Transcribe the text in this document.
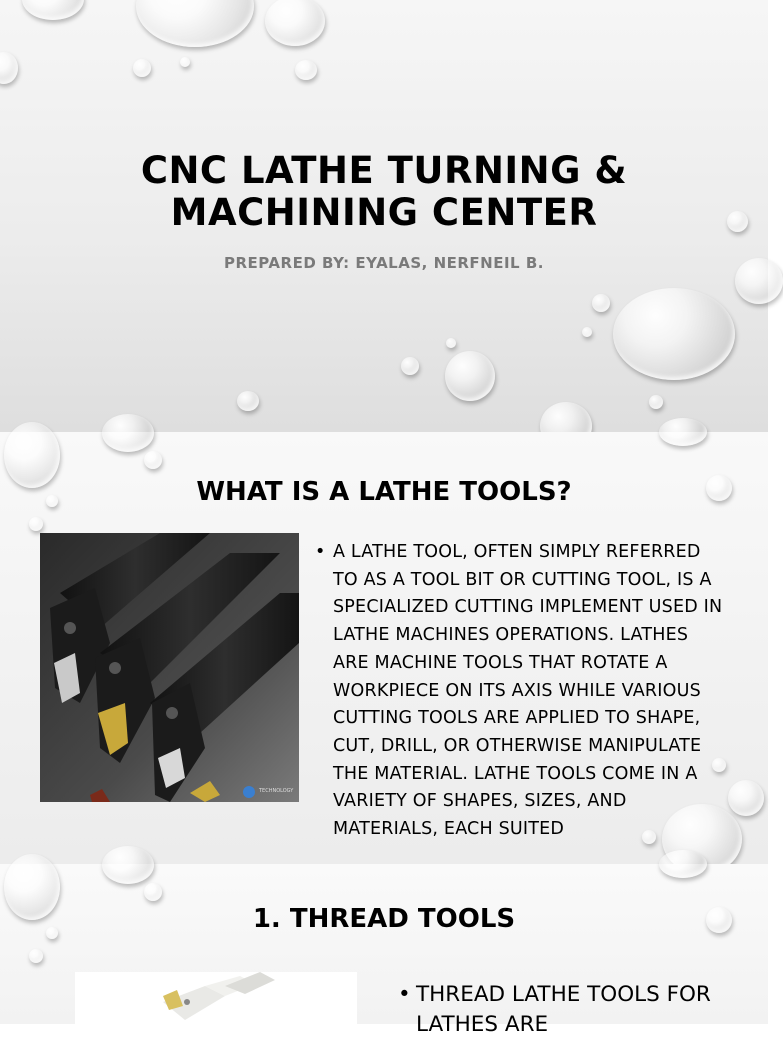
CNC LATHE TURNING &
MACHINING CENTER
PREPARED BY: EYALAS, NERFNEIL B.
WHAT IS A LATHE TOOLS?
TECHNOLOGY
• A LATHE TOOL, OFTEN SIMPLY REFERRED TO AS A TOOL BIT OR CUTTING TOOL, IS A SPECIALIZED CUTTING IMPLEMENT USED IN LATHE MACHINES OPERATIONS. LATHES ARE MACHINE TOOLS THAT ROTATE A WORKPIECE ON ITS AXIS WHILE VARIOUS CUTTING TOOLS ARE APPLIED TO SHAPE, CUT, DRILL, OR OTHERWISE MANIPULATE THE MATERIAL. LATHE TOOLS COME IN A VARIETY OF SHAPES, SIZES, AND MATERIALS, EACH SUITED
1. THREAD TOOLS
• THREAD LATHE TOOLS FOR LATHES ARE
